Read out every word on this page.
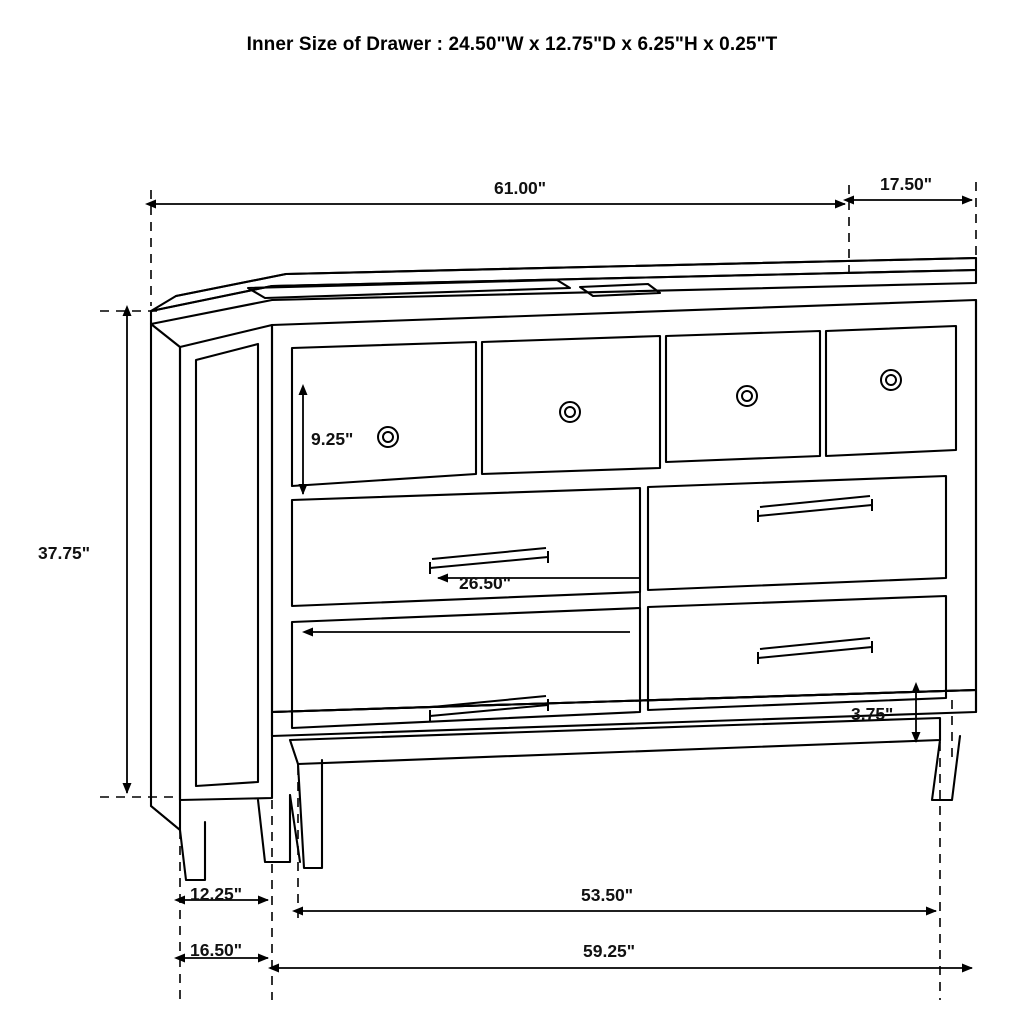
Inner Size of Drawer : 24.50"W x 12.75"D x 6.25"H x 0.25"T
61.00"	17.50"
37.75"
9.25"
26.50"
3.75"
12.25"
16.50"
53.50"
59.25"
